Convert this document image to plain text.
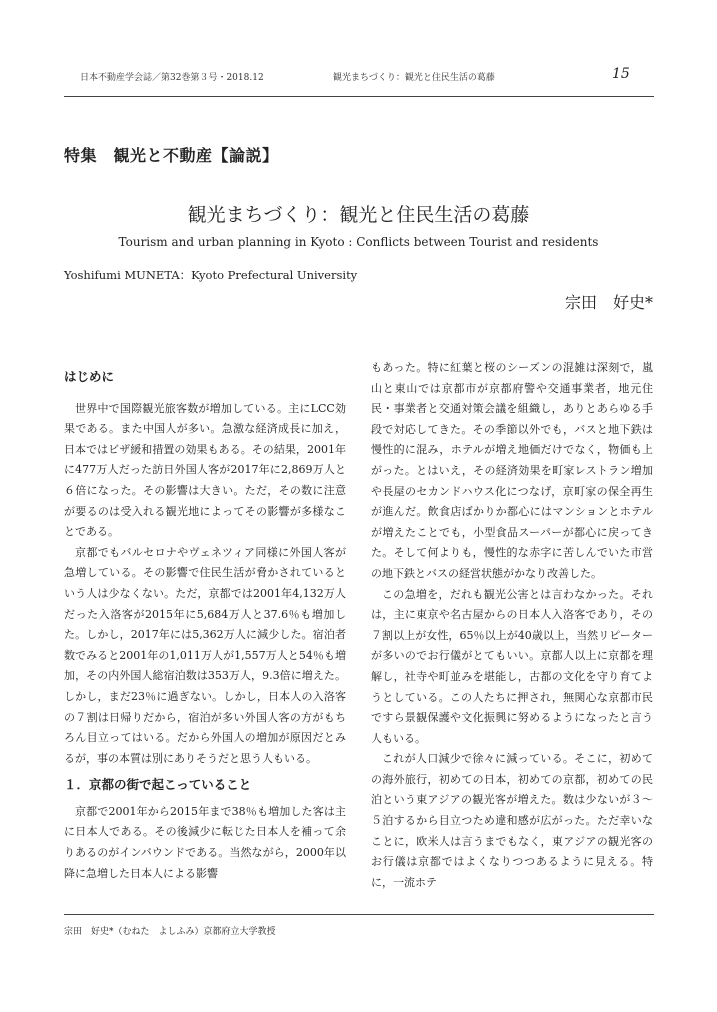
日本不動産学会誌／第32巻第３号・2018.12	観光まちづくり：観光と住民生活の葛藤	15
特集　観光と不動産【論説】
観光まちづくり：観光と住民生活の葛藤
Tourism and urban planning in Kyoto : Conflicts between Tourist and residents
Yoshifumi MUNETA：Kyoto Prefectural University
宗田　好史*
はじめに

世界中で国際観光旅客数が増加している。主にLCC効果である。また中国人が多い。急激な経済成長に加え，日本ではビザ緩和措置の効果もある。その結果，2001年に477万人だった訪日外国人客が2017年に2,869万人と６倍になった。その影響は大きい。ただ，その数に注意が要るのは受入れる観光地によってその影響が多様なことである。

京都でもバルセロナやヴェネツィア同様に外国人客が急増している。その影響で住民生活が脅かされているという人は少なくない。ただ，京都では2001年4,132万人だった入洛客が2015年に5,684万人と37.6％も増加した。しかし，2017年には5,362万人に減少した。宿泊者数でみると2001年の1,011万人が1,557万人と54％も増加，その内外国人総宿泊数は353万人，9.3倍に増えた。しかし，まだ23％に過ぎない。しかし，日本人の入洛客の７割は日帰りだから，宿泊が多い外国人客の方がもちろん目立ってはいる。だから外国人の増加が原因だとみるが，事の本質は別にありそうだと思う人もいる。

１．京都の街で起こっていること

京都で2001年から2015年まで38％も増加した客は主に日本人である。その後減少に転じた日本人を補って余りあるのがインバウンドである。当然ながら，2000年以降に急増した日本人による影響

もあった。特に紅葉と桜のシーズンの混雑は深刻で，嵐山と東山では京都市が京都府警や交通事業者，地元住民・事業者と交通対策会議を組織し，ありとあらゆる手段で対応してきた。その季節以外でも，バスと地下鉄は慢性的に混み，ホテルが増え地価だけでなく，物価も上がった。とはいえ，その経済効果を町家レストラン増加や長屋のセカンドハウス化につなげ，京町家の保全再生が進んだ。飲食店ばかりか都心にはマンションとホテルが増えたことでも，小型食品スーパーが都心に戻ってきた。そして何よりも，慢性的な赤字に苦しんでいた市営の地下鉄とバスの経営状態がかなり改善した。

この急増を，だれも観光公害とは言わなかった。それは，主に東京や名古屋からの日本人入洛客であり，その７割以上が女性，65％以上が40歳以上，当然リピーターが多いのでお行儀がとてもいい。京都人以上に京都を理解し，社寺や町並みを堪能し，古都の文化を守り育てようとしている。この人たちに押され，無関心な京都市民ですら景観保護や文化振興に努めるようになったと言う人もいる。

これが人口減少で徐々に減っている。そこに，初めての海外旅行，初めての日本，初めての京都，初めての民泊という東アジアの観光客が増えた。数は少ないが３～５泊するから目立つため違和感が広がった。ただ幸いなことに，欧米人は言うまでもなく，東アジアの観光客のお行儀は京都ではよくなりつつあるように見える。特に，一流ホテ

宗田　好史*（むねた　よしふみ）京都府立大学教授
